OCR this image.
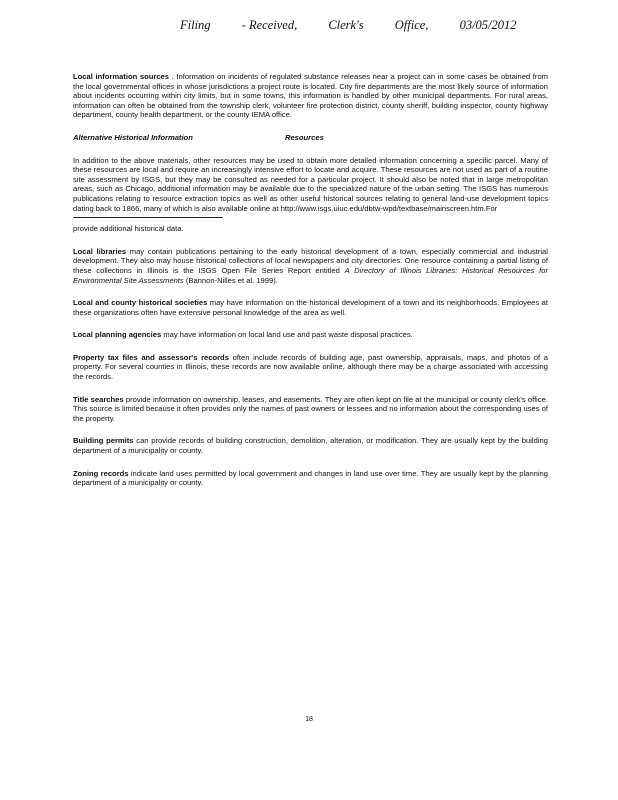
Filing - Received, Clerk's Office, 03/05/2012

Local information sources . Information on incidents of regulated substance releases near a project can in some cases be obtained from the local governmental offices in whose jurisdictions a project route is located. City fire departments are the most likely source of information about incidents occurring within city limits, but in some towns, this information is handled by other municipal departments. For rural areas, information can often be obtained from the township clerk, volunteer fire protection district, county sheriff, building inspector, county highway department, county health department, or the county IEMA office.

Alternative Historical Information	Resources

In addition to the above materials, other resources may be used to obtain more detailed information concerning a specific parcel. Many of these resources are local and require an increasingly intensive effort to locate and acquire. These resources are not used as part of a routine site assessment by ISGS, but they may be consulted as needed for a particular project. It should also be noted that in large metropolitan areas, such as Chicago, additional information may be available due to the specialized nature of the urban setting. The ISGS has numerous publications relating to resource extraction topics as well as other useful historical sources relating to general land-use development topics dating back to 1866, many of which is also available online at http://www.isgs.uiuc.edu/dbtw-wpd/textbase/mainscreen.htm.For

provide additional historical data.

Local libraries may contain publications pertaining to the early historical development of a town, especially commercial and industrial development. They also may house historical collections of local newspapers and city directories. One resource containing a partial listing of these collections in Illinois is the ISGS Open File Series Report entitled A Directory of Illinois Libraries: Historical Resources for Environmental Site Assessments (Bannon-Nilles et al. 1999).

Local and county historical societies may have information on the historical development of a town and its neighborhoods. Employees at these organizations often have extensive personal knowledge of the area as well.

Local planning agencies may have information on local land use and past waste disposal practices.

Property tax files and assessor's records often include records of building age, past ownership, appraisals, maps, and photos of a property. For several counties in Illinois, these records are now available online, although there may be a charge associated with accessing the records.

Title searches provide information on ownership, leases, and easements. They are often kept on file at the municipal or county clerk's office. This source is limited because it often provides only the names of past owners or lessees and no information about the corresponding uses of the property.

Building permits can provide records of building construction, demolition, alteration, or modification. They are usually kept by the building department of a municipality or county.

Zoning records indicate land uses permitted by local government and changes in land use over time. They are usually kept by the planning department of a municipality or county.

18
